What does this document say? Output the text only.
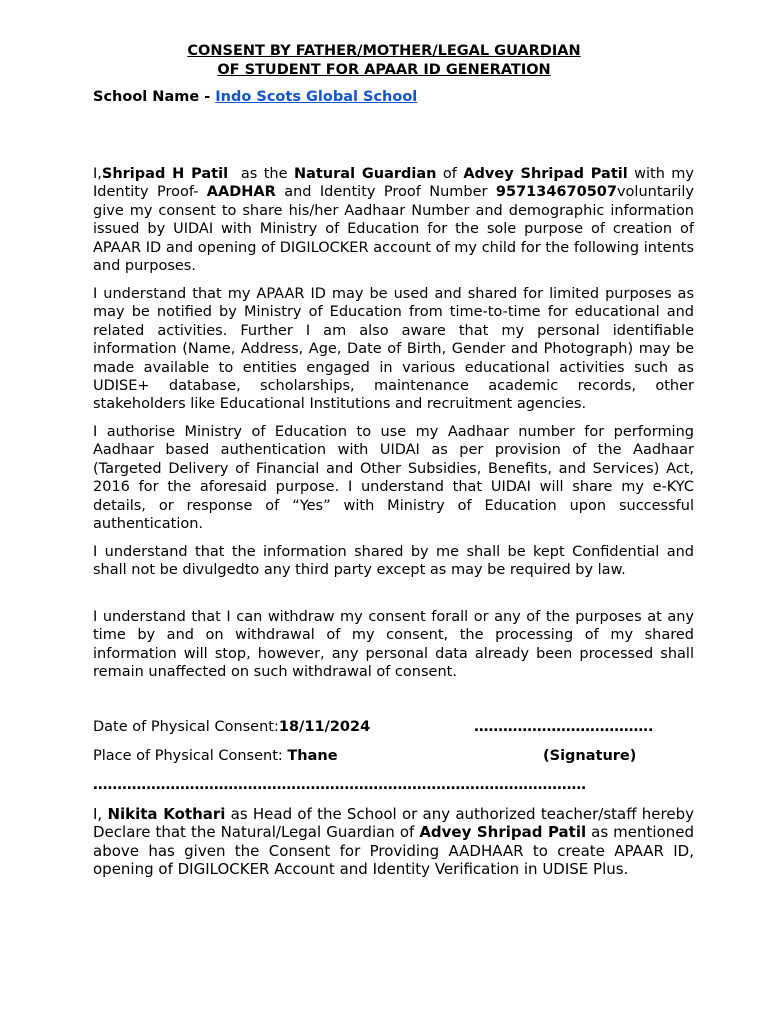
CONSENT BY FATHER/MOTHER/LEGAL GUARDIAN
OF STUDENT FOR APAAR ID GENERATION
School Name - Indo Scots Global School
I,Shripad H Patil  as the Natural Guardian of Advey Shripad Patil with my Identity Proof- AADHAR and Identity Proof Number 957134670507voluntarily give my consent to share his/her Aadhaar Number and demographic information issued by UIDAI with Ministry of Education for the sole purpose of creation of APAAR ID and opening of DIGILOCKER account of my child for the following intents and purposes.
I understand that my APAAR ID may be used and shared for limited purposes as may be notified by Ministry of Education from time-to-time for educational and related activities. Further I am also aware that my personal identifiable information (Name, Address, Age, Date of Birth, Gender and Photograph) may be made available to entities engaged in various educational activities such as UDISE+ database, scholarships, maintenance academic records, other stakeholders like Educational Institutions and recruitment agencies.
I authorise Ministry of Education to use my Aadhaar number for performing Aadhaar based authentication with UIDAI as per provision of the Aadhaar (Targeted Delivery of Financial and Other Subsidies, Benefits, and Services) Act, 2016 for the aforesaid purpose. I understand that UIDAI will share my e-KYC details, or response of “Yes” with Ministry of Education upon successful authentication.
I understand that the information shared by me shall be kept Confidential and shall not be divulgedto any third party except as may be required by law.
I understand that I can withdraw my consent forall or any of the purposes at any time by and on withdrawal of my consent, the processing of my shared information will stop, however, any personal data already been processed shall remain unaffected on such withdrawal of consent.
Date of Physical Consent:18/11/2024	……………………………….
Place of Physical Consent: Thane	(Signature)
…………………………………………………………………………………………
I, Nikita Kothari as Head of the School or any authorized teacher/staff hereby Declare that the Natural/Legal Guardian of Advey Shripad Patil as mentioned above has given the Consent for Providing AADHAAR to create APAAR ID, opening of DIGILOCKER Account and Identity Verification in UDISE Plus.
